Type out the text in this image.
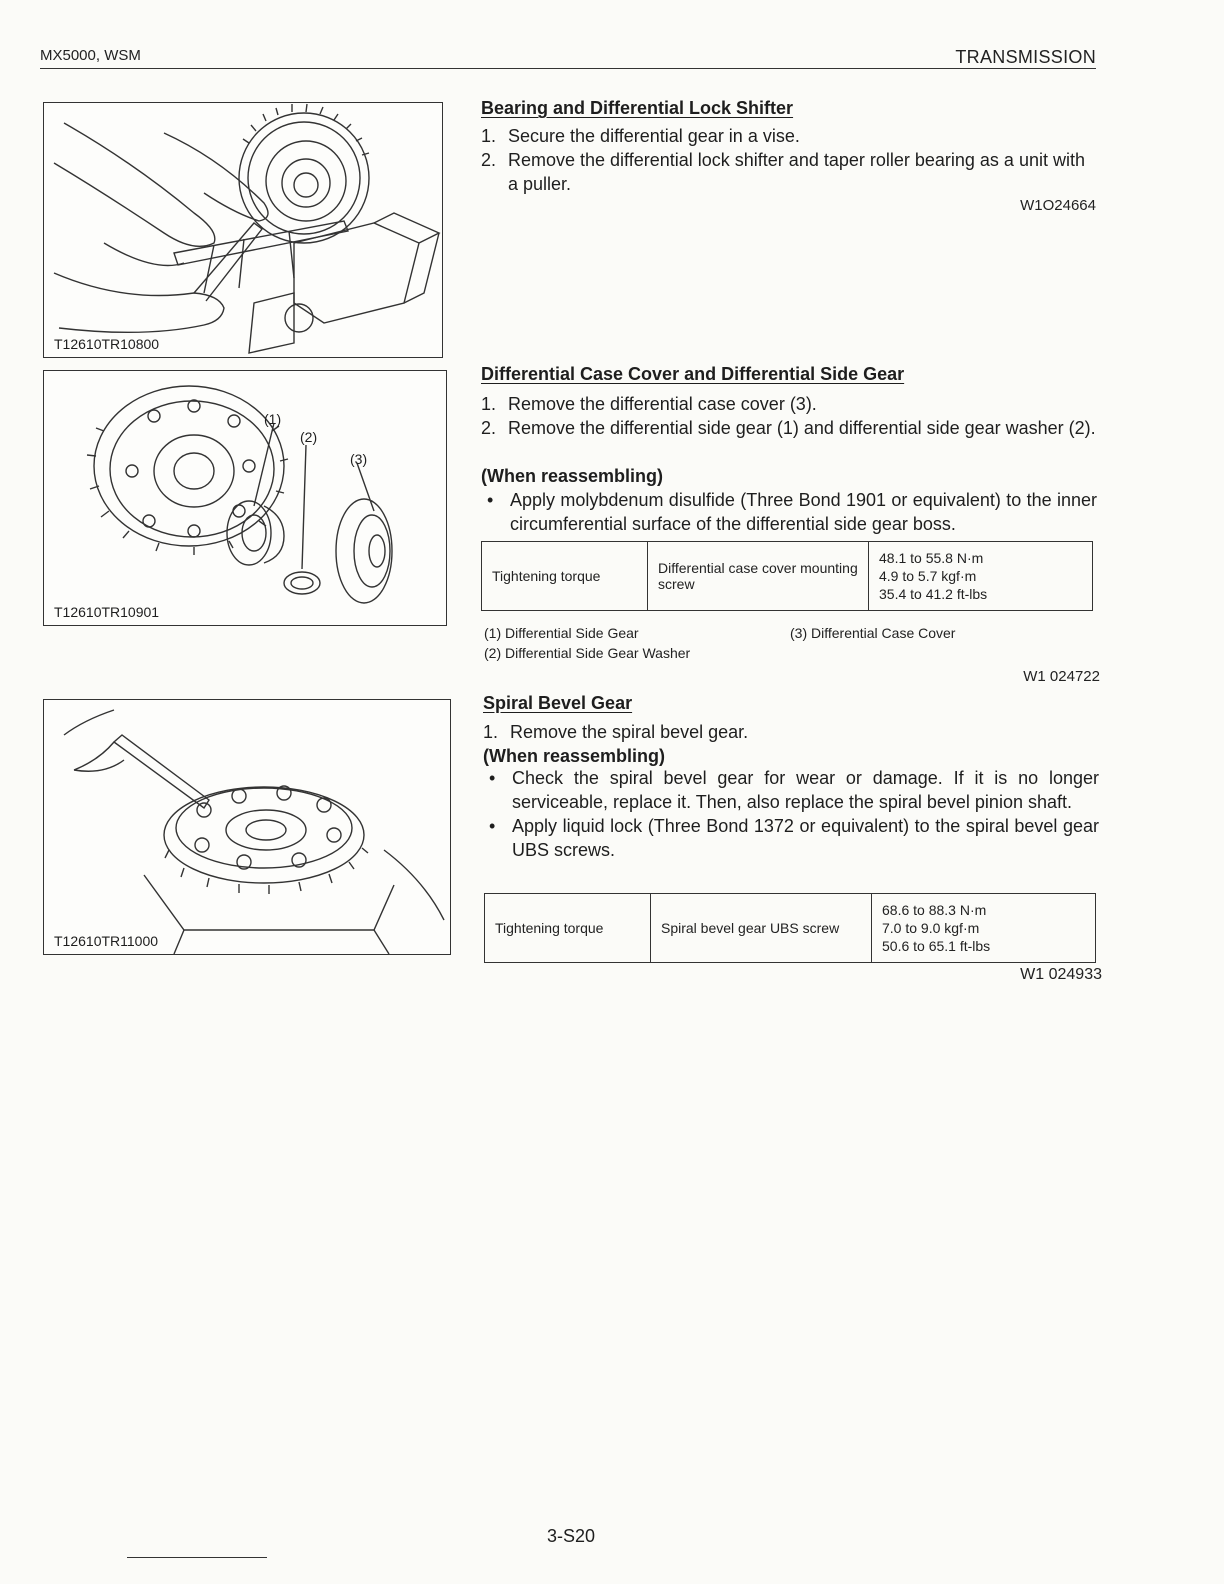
MX5000, WSM	TRANSMISSION
T12610TR10800
(1)
(2)
(3)
T12610TR10901
T12610TR11000
Bearing and Differential Lock Shifter
1. Secure the differential gear in a vise.
2. Remove the differential lock shifter and taper roller bearing as a unit with a puller.
W1O24664
Differential Case Cover and Differential Side Gear
1. Remove the differential case cover (3).
2. Remove the differential side gear (1) and differential side gear washer (2).
(When reassembling)
• Apply molybdenum disulfide (Three Bond 1901 or equivalent) to the inner circumferential surface of the differential side gear boss.
Tightening torque	Differential case cover mounting screw	
48.1 to 55.8 N·m
4.9 to 5.7 kgf·m
35.4 to 41.2 ft-lbs
(1) Differential Side Gear
(2) Differential Side Gear Washer
(3) Differential Case Cover
W1 024722
Spiral Bevel Gear
1. Remove the spiral bevel gear.
(When reassembling)
• Check the spiral bevel gear for wear or damage. If it is no longer serviceable, replace it. Then, also replace the spiral bevel pinion shaft.
• Apply liquid lock (Three Bond 1372 or equivalent) to the spiral bevel gear UBS screws.
Tightening torque	Spiral bevel gear UBS screw	
68.6 to 88.3 N·m
7.0 to 9.0 kgf·m
50.6 to 65.1 ft-lbs
W1 024933
3-S20
